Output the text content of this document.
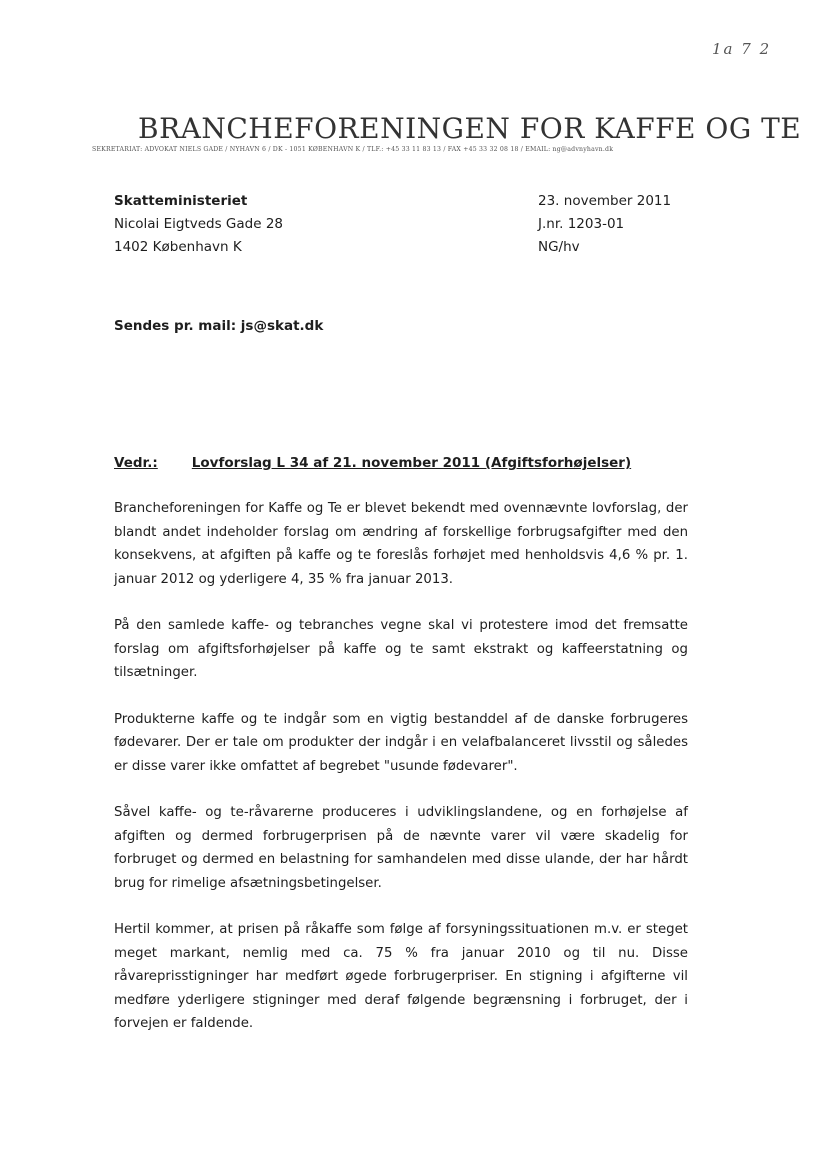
1a 7 2
BRANCHEFORENINGEN FOR KAFFE OG TE
SEKRETARIAT: ADVOKAT NIELS GADE / NYHAVN 6 / DK - 1051 KØBENHAVN K / TLF.: +45 33 11 83 13 / FAX +45 33 32 08 18 / EMAIL: ng@advnyhavn.dk
Skatteministeriet
Nicolai Eigtveds Gade 28
1402 København K
23. november 2011
J.nr. 1203-01
NG/hv
Sendes pr. mail: js@skat.dk
Vedr.:	Lovforslag L 34 af 21. november 2011 (Afgiftsforhøjelser)

Brancheforeningen for Kaffe og Te er blevet bekendt med ovennævnte lovforslag, der blandt andet indeholder forslag om ændring af forskellige forbrugsafgifter med den konsekvens, at afgiften på kaffe og te foreslås forhøjet med henholdsvis 4,6 % pr. 1. januar 2012 og yderligere 4, 35 % fra januar 2013.

På den samlede kaffe- og tebranches vegne skal vi protestere imod det fremsatte forslag om afgiftsforhøjelser på kaffe og te samt ekstrakt og kaffeerstatning og tilsætninger.

Produkterne kaffe og te indgår som en vigtig bestanddel af de danske forbrugeres fødevarer. Der er tale om produkter der indgår i en velafbalanceret livsstil og således er disse varer ikke omfattet af begrebet "usunde fødevarer".

Såvel kaffe- og te-råvarerne produceres i udviklingslandene, og en forhøjelse af afgiften og dermed forbrugerprisen på de nævnte varer vil være skadelig for forbruget og dermed en belastning for samhandelen med disse ulande, der har hårdt brug for rimelige afsætningsbetingelser.

Hertil kommer, at prisen på råkaffe som følge af forsyningssituationen m.v. er steget meget markant, nemlig med ca. 75 % fra januar 2010 og til nu. Disse råvareprisstigninger har medført øgede forbrugerpriser. En stigning i afgifterne vil medføre yderligere stigninger med deraf følgende begrænsning i forbruget, der i forvejen er faldende.
